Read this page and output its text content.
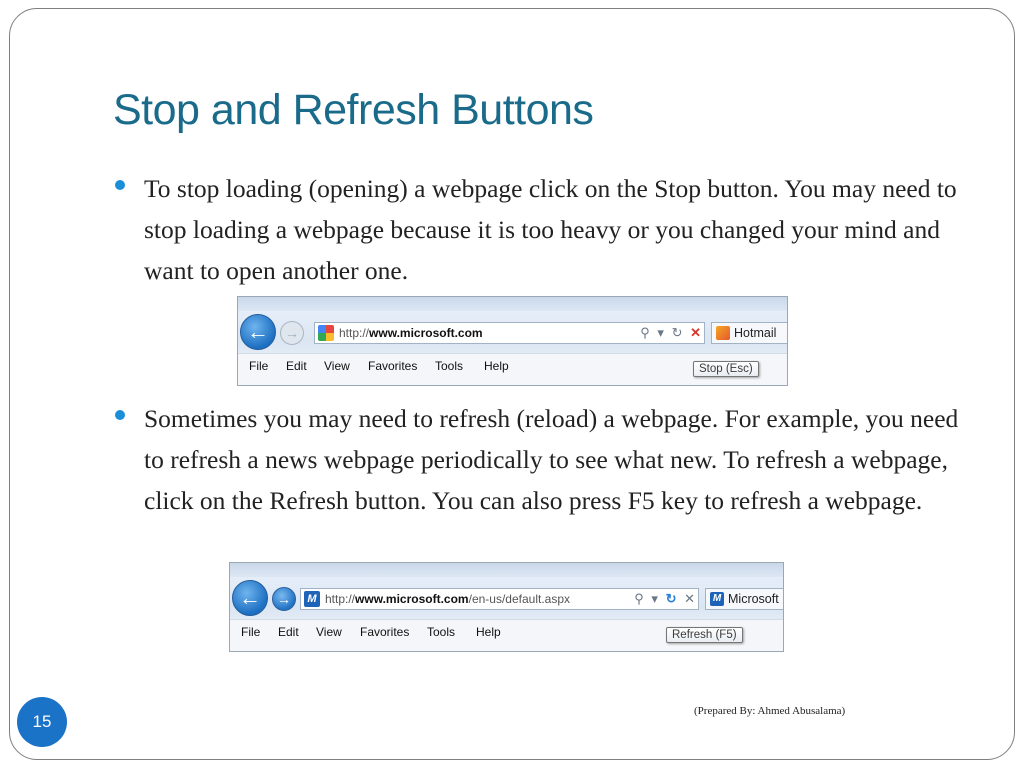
Stop and Refresh Buttons

To stop loading (opening) a webpage click on the Stop button. You may need to stop loading a webpage because it is too heavy or you changed your mind and want to open another one.

←	→	http://www.microsoft.com	⚲ ▾ ↻ ✕	Hotmail
File Edit View Favorites Tools Help	Stop (Esc)

Sometimes you may need to refresh (reload) a webpage. For example, you need to refresh a news webpage periodically to see what new. To refresh a webpage, click on the Refresh button. You can also press F5 key to refresh a webpage.

←	→	M http://www.microsoft.com/en-us/default.aspx	⚲ ▾ ↻ ✕ M Microsoft
File Edit View Favorites Tools Help	Refresh (F5)
15
(Prepared By: Ahmed Abusalama)
